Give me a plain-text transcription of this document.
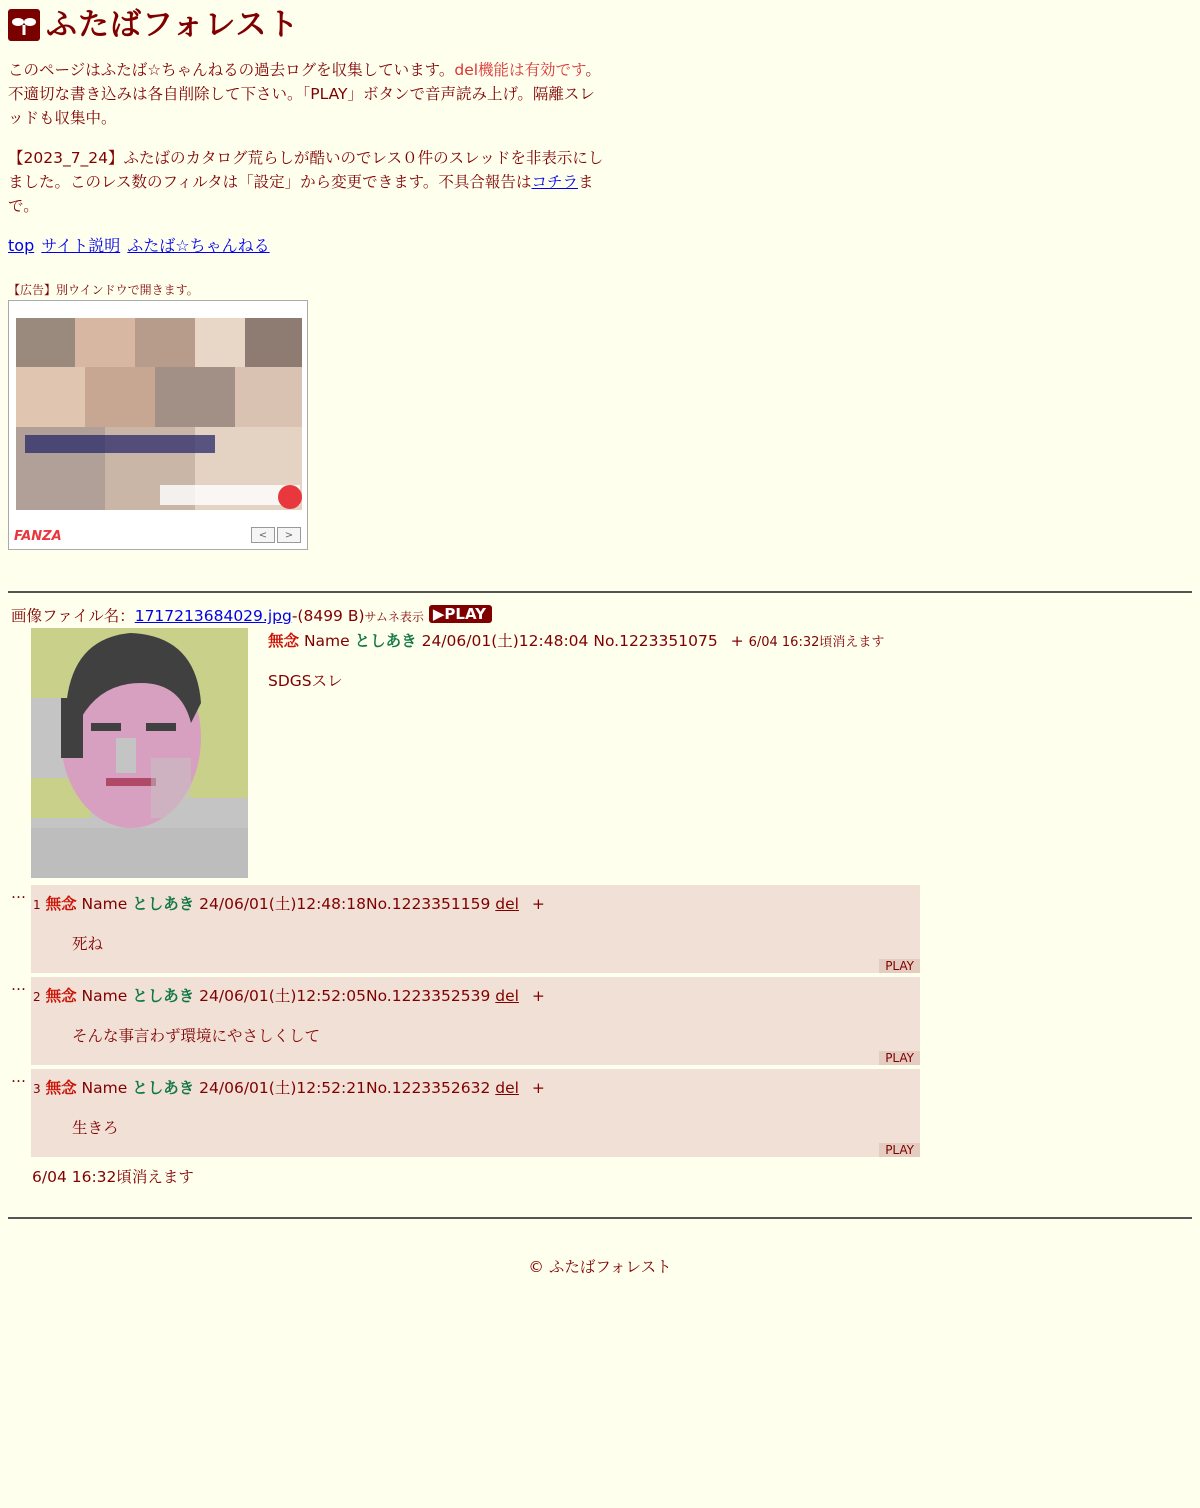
ふたばフォレスト
このページはふたば☆ちゃんねるの過去ログを収集しています。del機能は有効です。不適切な書き込みは各自削除して下さい。「PLAY」ボタンで音声読み上げ。隔離スレッドも収集中。
【2023_7_24】ふたばのカタログ荒らしが酷いのでレス０件のスレッドを非表示にしました。このレス数のフィルタは「設定」から変更できます。不具合報告はコチラまで。
top サイト説明 ふたば☆ちゃんねる
【広告】別ウインドウで開きます。
FANZA	<	>
画像ファイル名：1717213684029.jpg-(8499 B)サムネ表示 ▶PLAY
無念 Name としあき 24/06/01(土)12:48:04 No.1223351075 + 6/04 16:32頃消えます
SDGSスレ
…
1 無念 Name としあき 24/06/01(土)12:48:18No.1223351159 del +
死ね
PLAY
…
2 無念 Name としあき 24/06/01(土)12:52:05No.1223352539 del +
そんな事言わず環境にやさしくして
PLAY
…
3 無念 Name としあき 24/06/01(土)12:52:21No.1223352632 del +
生きろ
PLAY
6/04 16:32頃消えます
© ふたばフォレスト
